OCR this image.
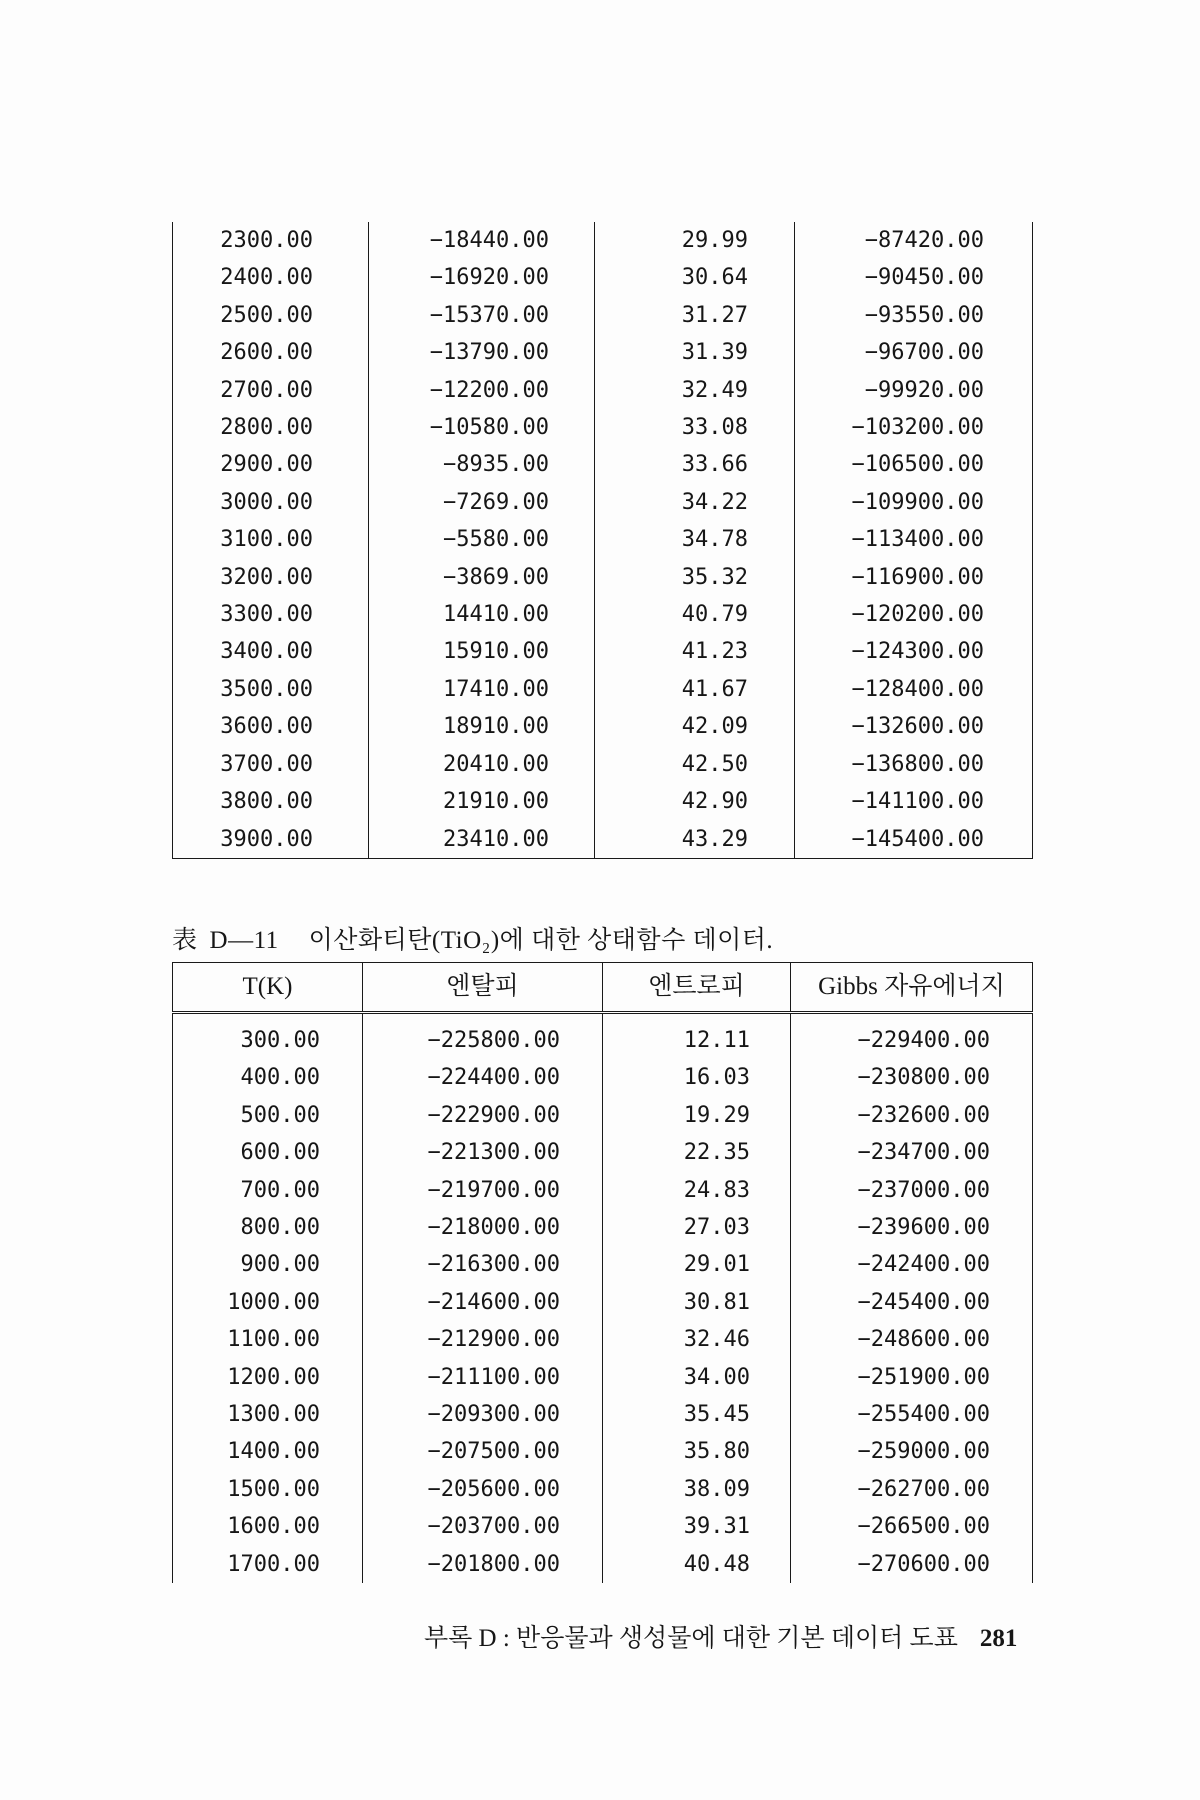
2300.00	−18440.00	29.99	−87420.00
2400.00	−16920.00	30.64	−90450.00
2500.00	−15370.00	31.27	−93550.00
2600.00	−13790.00	31.39	−96700.00
2700.00	−12200.00	32.49	−99920.00
2800.00	−10580.00	33.08	−103200.00
2900.00	−8935.00	33.66	−106500.00
3000.00	−7269.00	34.22	−109900.00
3100.00	−5580.00	34.78	−113400.00
3200.00	−3869.00	35.32	−116900.00
3300.00	14410.00	40.79	−120200.00
3400.00	15910.00	41.23	−124300.00
3500.00	17410.00	41.67	−128400.00
3600.00	18910.00	42.09	−132600.00
3700.00	20410.00	42.50	−136800.00
3800.00	21910.00	42.90	−141100.00
3900.00	23410.00	43.29	−145400.00
表 D—11 이산화티탄(TiO₂)에 대한 상태함수 데이터.
T(K)	엔탈피	엔트로피	Gibbs 자유에너지
300.00	−225800.00	12.11	−229400.00
400.00	−224400.00	16.03	−230800.00
500.00	−222900.00	19.29	−232600.00
600.00	−221300.00	22.35	−234700.00
700.00	−219700.00	24.83	−237000.00
800.00	−218000.00	27.03	−239600.00
900.00	−216300.00	29.01	−242400.00
1000.00	−214600.00	30.81	−245400.00
1100.00	−212900.00	32.46	−248600.00
1200.00	−211100.00	34.00	−251900.00
1300.00	−209300.00	35.45	−255400.00
1400.00	−207500.00	35.80	−259000.00
1500.00	−205600.00	38.09	−262700.00
1600.00	−203700.00	39.31	−266500.00
1700.00	−201800.00	40.48	−270600.00
부록 D : 반응물과 생성물에 대한 기본 데이터 도표 281
